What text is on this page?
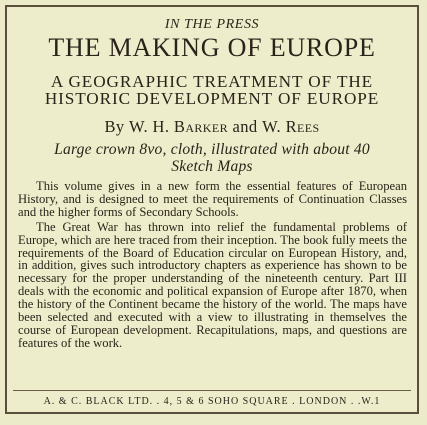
IN THE PRESS
THE MAKING OF EUROPE
A GEOGRAPHIC TREATMENT OF THE
HISTORIC DEVELOPMENT OF EUROPE
By W. H. Barker and W. Rees
Large crown 8vo, cloth, illustrated with about 40
Sketch Maps

This volume gives in a new form the essential features of European History, and is designed to meet the requirements of Continuation Classes and the higher forms of Secondary Schools.

The Great War has thrown into relief the fundamental problems of Europe, which are here traced from their inception. The book fully meets the requirements of the Board of Education circular on European History, and, in addition, gives such introductory chapters as experience has shown to be necessary for the proper understanding of the nineteenth century. Part III deals with the economic and political expansion of Europe after 1870, when the history of the Continent became the history of the world. The maps have been selected and executed with a view to illustrating in themselves the course of European development. Recapitulations, maps, and questions are features of the work.

A. & C. BLACK LTD. . 4, 5 & 6 SOHO SQUARE . LONDON . .W.1
